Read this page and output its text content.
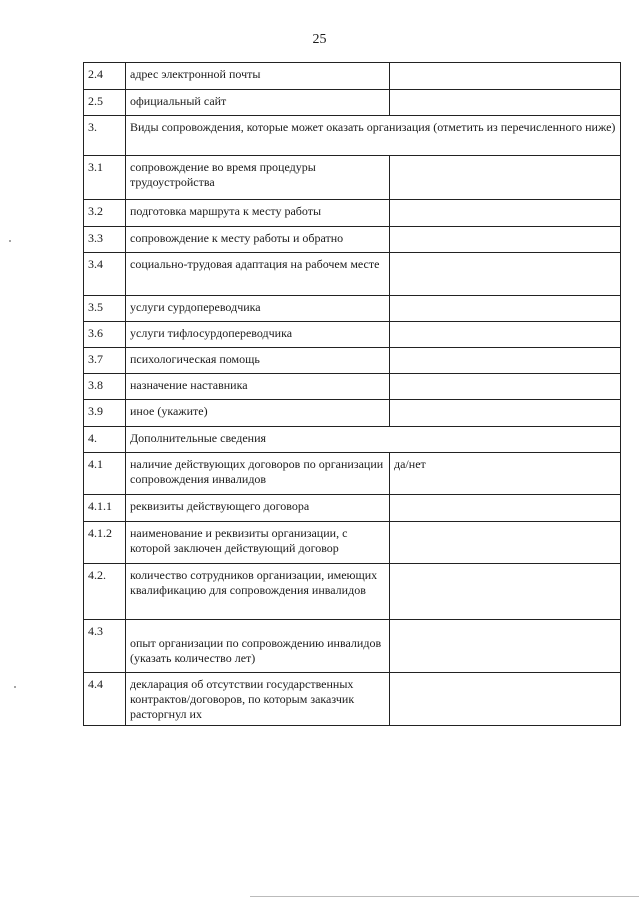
25
2.4	адрес электронной почты	
2.5	официальный сайт	
3.	Виды сопровождения, которые может оказать организация (отметить из перечисленного ниже)	
3.1	сопровождение во время процедуры трудоустройства	
3.2	подготовка маршрута к месту работы	
3.3	сопровождение к месту работы и обратно	
3.4	социально-трудовая адаптация на рабочем месте	
3.5	услуги сурдопереводчика	
3.6	услуги тифлосурдопереводчика	
3.7	психологическая помощь	
3.8	назначение наставника	
3.9	иное (укажите)	
4.	Дополнительные сведения	
4.1	наличие действующих договоров по организации сопровождения инвалидов	да/нет
4.1.1	реквизиты действующего договора	
4.1.2	наименование и реквизиты организации, с которой заключен действующий договор	
4.2.	количество сотрудников организации, имеющих квалификацию для сопровождения инвалидов	
4.3	опыт организации по сопровождению инвалидов (указать количество лет)	
4.4	декларация об отсутствии государственных контрактов/договоров, по которым заказчик расторгнул их	
